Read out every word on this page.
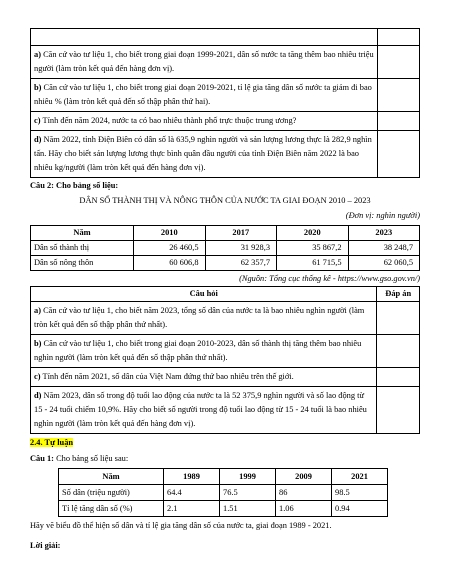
a) Căn cứ vào tư liệu 1, cho biết trong giai đoạn 1999-2021, dân số nước ta tăng thêm bao nhiêu triệu người (làm tròn kết quả đến hàng đơn vị).	
b) Căn cứ vào tư liệu 1, cho biết trong giai đoạn 2019-2021, tỉ lệ gia tăng dân số nước ta giảm đi bao nhiêu % (làm tròn kết quả đến số thập phân thứ hai).	
c) Tính đến năm 2024, nước ta có bao nhiêu thành phố trực thuộc trung ương?	
d) Năm 2022, tỉnh Điện Biên có dân số là 635,9 nghìn người và sản lượng lương thực là 282,9 nghìn tấn. Hãy cho biết sản lượng lương thực bình quân đầu người của tỉnh Điện Biên năm 2022 là bao nhiêu kg/người (làm tròn kết quả đến hàng đơn vị).	
Câu 2: Cho bảng số liệu:
DÂN SỐ THÀNH THỊ VÀ NÔNG THÔN CỦA NƯỚC TA GIAI ĐOẠN 2010 – 2023
(Đơn vị: nghìn người)
Năm	2010	2017	2020	2023
Dân số thành thị	26 460,5	31 928,3	35 867,2	38 248,7
Dân số nông thôn	60 606,8	62 357,7	61 715,5	62 060,5
(Nguồn: Tổng cục thống kê - https://www.gso.gov.vn/)
Câu hỏi	Đáp án
a) Căn cứ vào tư liệu 1, cho biết năm 2023, tổng số dân của nước ta là bao nhiêu nghìn người (làm tròn kết quả đến số thập phân thứ nhất).	
b) Căn cứ vào tư liệu 1, cho biết trong giai đoạn 2010-2023, dân số thành thị tăng thêm bao nhiêu nghìn người (làm tròn kết quả đến số thập phân thứ nhất).	
c) Tính đến năm 2021, số dân của Việt Nam đứng thứ bao nhiêu trên thế giới.	
d) Năm 2023, dân số trong độ tuổi lao động của nước ta là 52 375,9 nghìn người và số lao động từ 15 - 24 tuổi chiếm 10,9%. Hãy cho biết số người trong độ tuổi lao động từ 15 - 24 tuổi là bao nhiêu nghìn người (làm tròn kết quả đến hàng đơn vị).	
2.4. Tự luận
Câu 1: Cho bảng số liệu sau:
Năm	1989	1999	2009	2021
Số dân (triệu người)	64.4	76.5	86	98.5
Tỉ lệ tăng dân số (%)	2.1	1.51	1.06	0.94
Hãy vẽ biểu đồ thể hiện số dân và tỉ lệ gia tăng dân số của nước ta, giai đoạn 1989 - 2021.
Lời giải:
